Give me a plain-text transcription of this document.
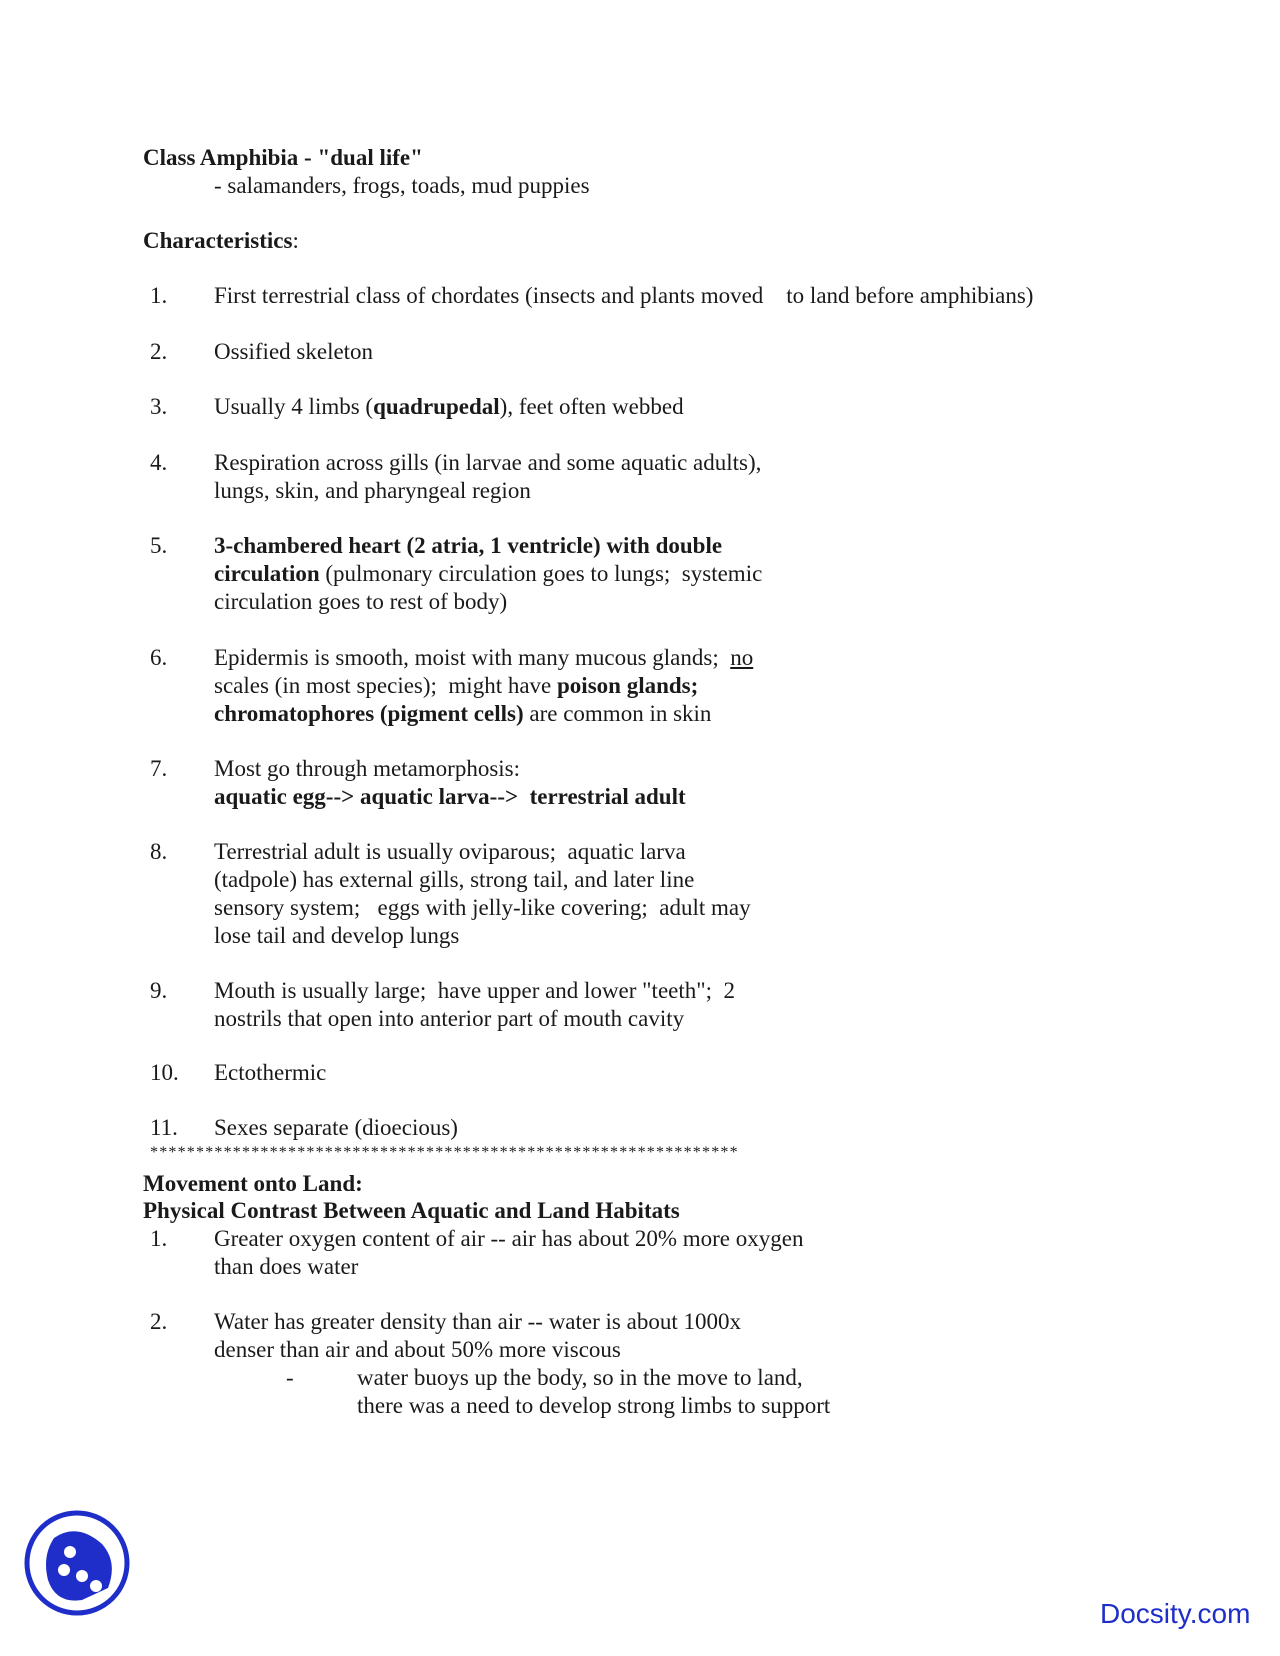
Class Amphibia - "dual life"
- salamanders, frogs, toads, mud puppies
Characteristics:
1. First terrestrial class of chordates (insects and plants moved    to land before amphibians)
2. Ossified skeleton
3. Usually 4 limbs (quadrupedal), feet often webbed
4. Respiration across gills (in larvae and some aquatic adults),
lungs, skin, and pharyngeal region
5. 3-chambered heart (2 atria, 1 ventricle) with double
circulation (pulmonary circulation goes to lungs;  systemic
circulation goes to rest of body)
6. Epidermis is smooth, moist with many mucous glands;  no
scales (in most species);  might have poison glands;
chromatophores (pigment cells) are common in skin
7. Most go through metamorphosis:
aquatic egg--> aquatic larva-->  terrestrial adult
8. Terrestrial adult is usually oviparous;  aquatic larva
(tadpole) has external gills, strong tail, and later line
sensory system;   eggs with jelly-like covering;  adult may
lose tail and develop lungs
9. Mouth is usually large;  have upper and lower "teeth";  2
nostrils that open into anterior part of mouth cavity
10. Ectothermic
11. Sexes separate (dioecious)
****************************************************************
Movement onto Land:
Physical Contrast Between Aquatic and Land Habitats
1. Greater oxygen content of air -- air has about 20% more oxygen
than does water
2. Water has greater density than air -- water is about 1000x
denser than air and about 50% more viscous
-	water buoys up the body, so in the move to land,
there was a need to develop strong limbs to support
Docsity.com
